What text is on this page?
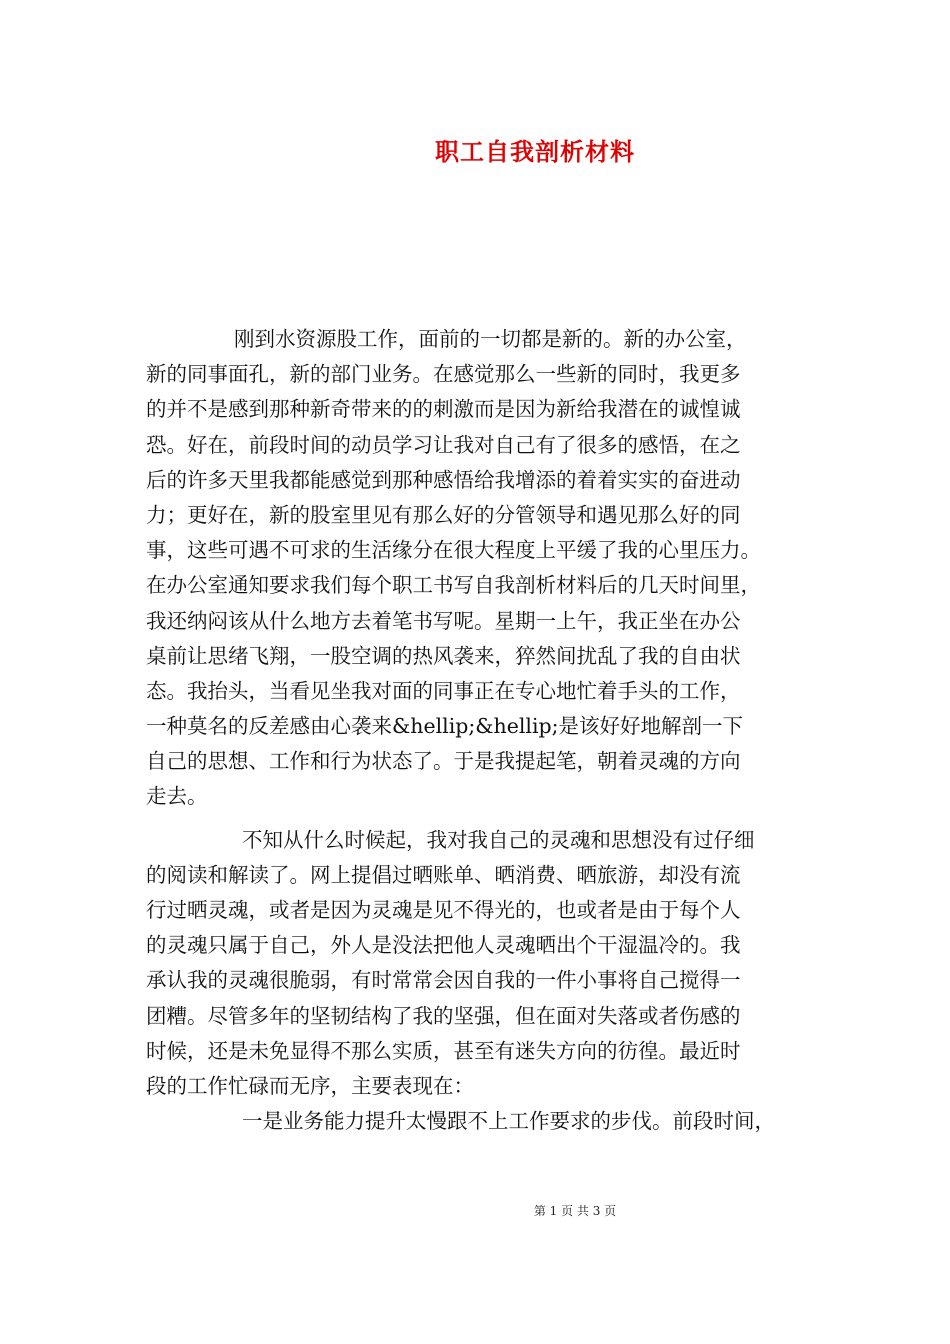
职工自我剖析材料
刚到水资源股工作，面前的一切都是新的。新的办公室，
新的同事面孔，新的部门业务。在感觉那么一些新的同时，我更多
的并不是感到那种新奇带来的的刺激而是因为新给我潜在的诚惶诚
恐。好在，前段时间的动员学习让我对自己有了很多的感悟，在之
后的许多天里我都能感觉到那种感悟给我增添的着着实实的奋进动
力；更好在，新的股室里见有那么好的分管领导和遇见那么好的同
事，这些可遇不可求的生活缘分在很大程度上平缓了我的心里压力。
在办公室通知要求我们每个职工书写自我剖析材料后的几天时间里，
我还纳闷该从什么地方去着笔书写呢。星期一上午，我正坐在办公
桌前让思绪飞翔，一股空调的热风袭来，猝然间扰乱了我的自由状
态。我抬头，当看见坐我对面的同事正在专心地忙着手头的工作，
一种莫名的反差感由心袭来&hellip;&hellip;是该好好地解剖一下
自己的思想、工作和行为状态了。于是我提起笔，朝着灵魂的方向
走去。
不知从什么时候起，我对我自己的灵魂和思想没有过仔细
的阅读和解读了。网上提倡过晒账单、晒消费、晒旅游，却没有流
行过晒灵魂，或者是因为灵魂是见不得光的，也或者是由于每个人
的灵魂只属于自己，外人是没法把他人灵魂晒出个干湿温冷的。我
承认我的灵魂很脆弱，有时常常会因自我的一件小事将自己搅得一
团糟。尽管多年的坚韧结构了我的坚强，但在面对失落或者伤感的
时候，还是未免显得不那么实质，甚至有迷失方向的彷徨。最近时
段的工作忙碌而无序，主要表现在：
一是业务能力提升太慢跟不上工作要求的步伐。前段时间，
第 1 页 共 3 页
